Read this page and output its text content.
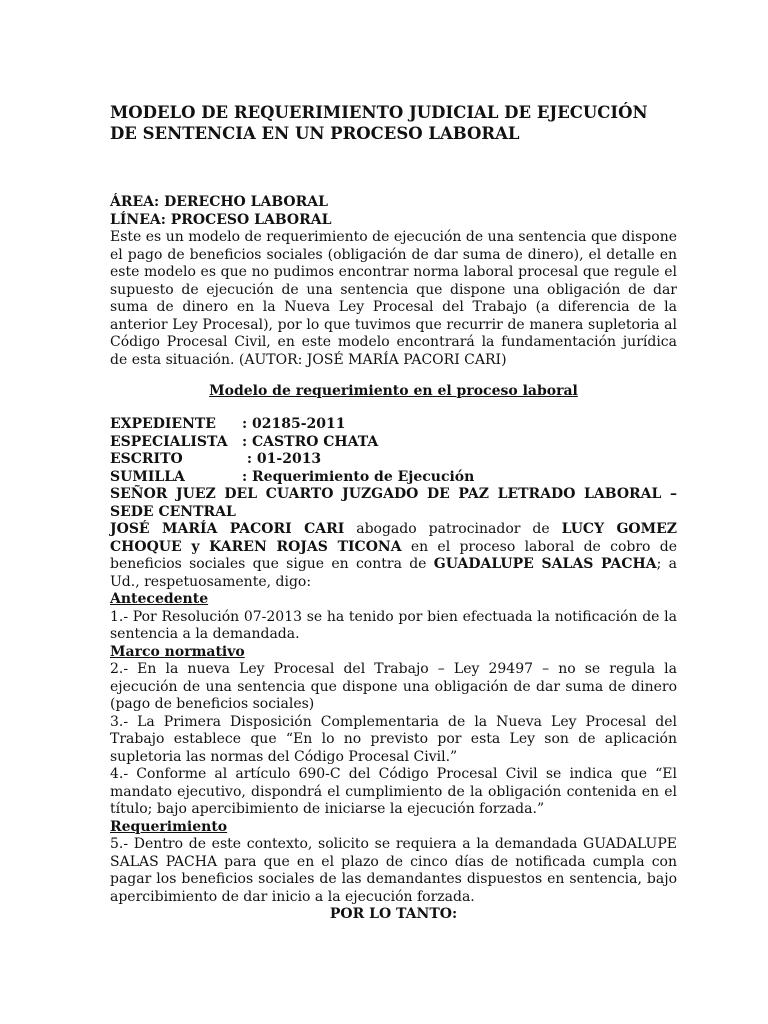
MODELO DE REQUERIMIENTO JUDICIAL DE EJECUCIÓN DE SENTENCIA EN UN PROCESO LABORAL
ÁREA: DERECHO LABORAL
LÍNEA: PROCESO LABORAL

Este es un modelo de requerimiento de ejecución de una sentencia que dispone el pago de beneficios sociales (obligación de dar suma de dinero), el detalle en este modelo es que no pudimos encontrar norma laboral procesal que regule el supuesto de ejecución de una sentencia que dispone una obligación de dar suma de dinero en la Nueva Ley Procesal del Trabajo (a diferencia de la anterior Ley Procesal), por lo que tuvimos que recurrir de manera supletoria al Código Procesal Civil, en este modelo encontrará la fundamentación jurídica de esta situación. (AUTOR: JOSÉ MARÍA PACORI CARI)

Modelo de requerimiento en el proceso laboral
EXPEDIENTE	: 02185-2011
ESPECIALISTA	: CASTRO CHATA
ESCRITO	: 01-2013
SUMILLA	: Requerimiento de Ejecución
SEÑOR JUEZ DEL CUARTO JUZGADO DE PAZ LETRADO LABORAL – SEDE CENTRAL

JOSÉ MARÍA PACORI CARI abogado patrocinador de LUCY GOMEZ CHOQUE y KAREN ROJAS TICONA en el proceso laboral de cobro de beneficios sociales que sigue en contra de GUADALUPE SALAS PACHA; a Ud., respetuosamente, digo:

Antecedente

1.- Por Resolución 07-2013 se ha tenido por bien efectuada la notificación de la sentencia a la demandada.

Marco normativo

2.- En la nueva Ley Procesal del Trabajo – Ley 29497 – no se regula la ejecución de una sentencia que dispone una obligación de dar suma de dinero (pago de beneficios sociales)

3.- La Primera Disposición Complementaria de la Nueva Ley Procesal del Trabajo establece que “En lo no previsto por esta Ley son de aplicación supletoria las normas del Código Procesal Civil.”

4.- Conforme al artículo 690-C del Código Procesal Civil se indica que “El mandato ejecutivo, dispondrá el cumplimiento de la obligación contenida en el título; bajo apercibimiento de iniciarse la ejecución forzada.”

Requerimiento

5.- Dentro de este contexto, solicito se requiera a la demandada GUADALUPE SALAS PACHA para que en el plazo de cinco días de notificada cumpla con pagar los beneficios sociales de las demandantes dispuestos en sentencia, bajo apercibimiento de dar inicio a la ejecución forzada.

POR LO TANTO:
